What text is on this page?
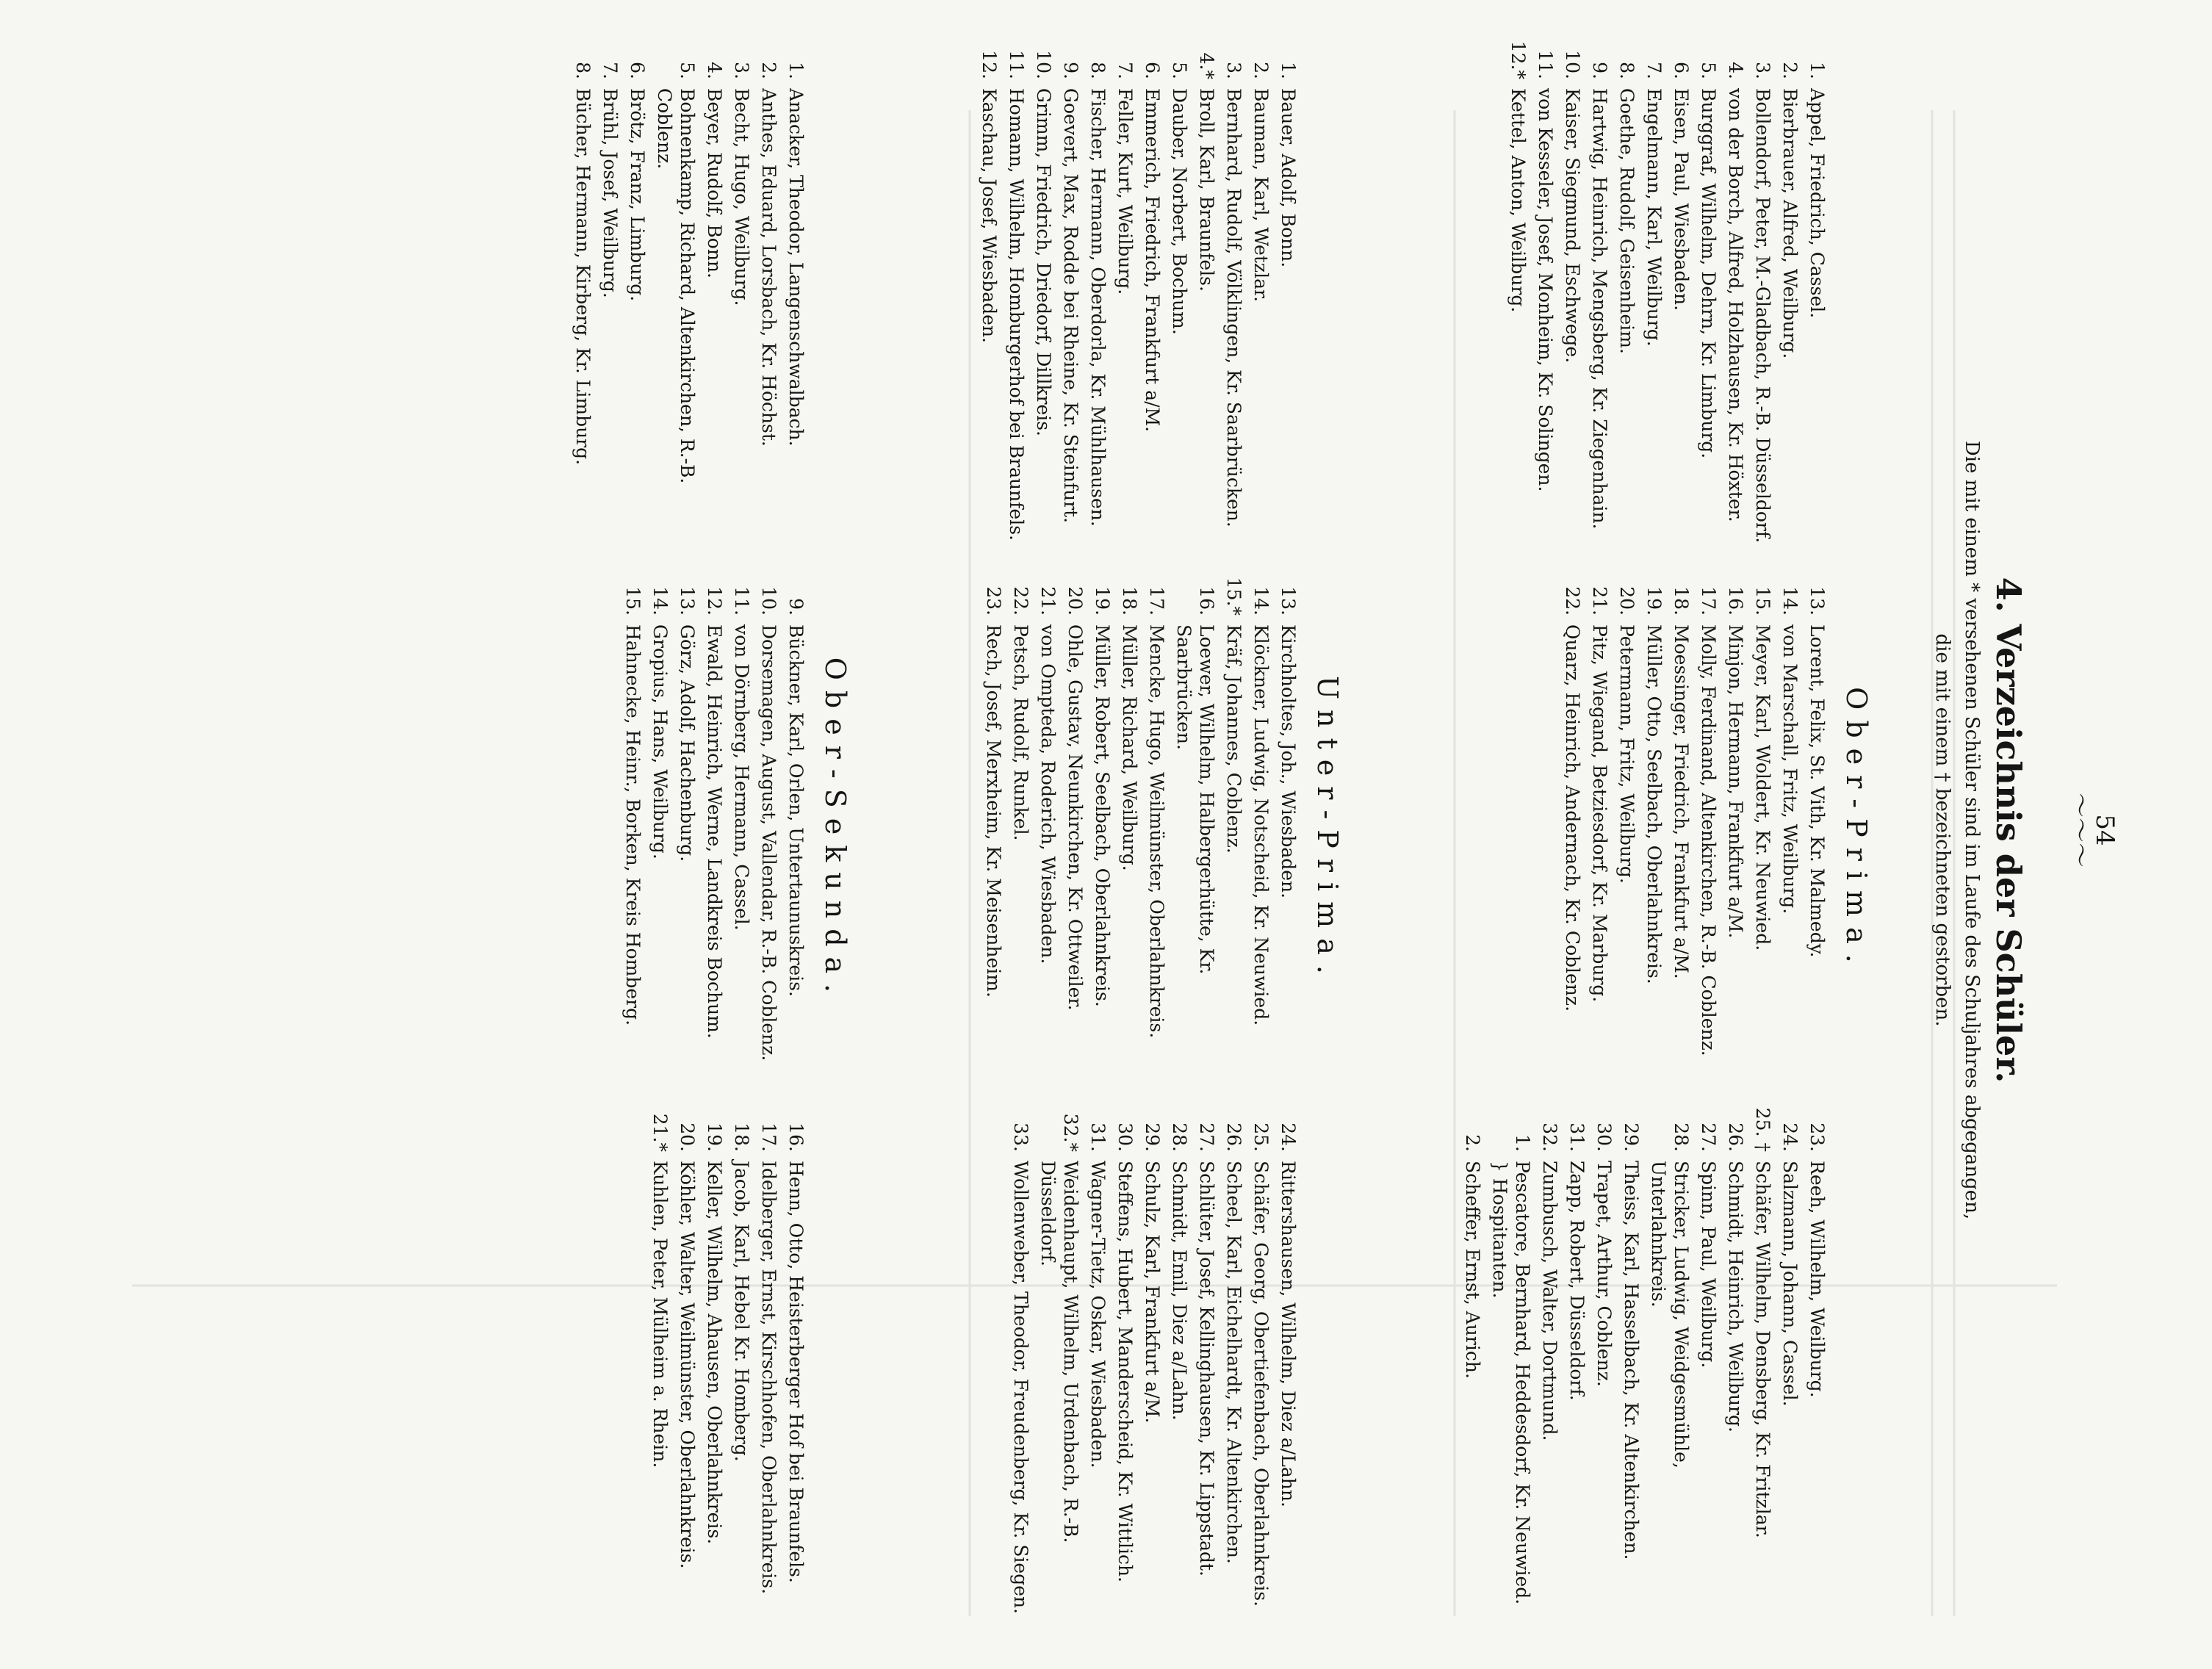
54
〜〜〜
4. Verzeichnis der Schüler.
Die mit einem * versehenen Schüler sind im Laufe des Schuljahres abgegangen,
die mit einem † bezeichneten gestorben.
Ober-Prima.
1.
Appel, Friedrich, Cassel.
2.
Bierbrauer, Alfred, Weilburg.
3.
Bollendorf, Peter, M.-Gladbach, R.-B. Düsseldorf.
4.
von der Borch, Alfred, Holzhausen, Kr. Höxter.
5.
Burggraf, Wilhelm, Dehrn, Kr. Limburg.
6.
Eisen, Paul, Wiesbaden.
7.
Engelmann, Karl, Weilburg.
8.
Goethe, Rudolf, Geisenheim.
9.
Hartwig, Heinrich, Mengsberg, Kr. Ziegenhain.
10.
Kaiser, Siegmund, Eschwege.
11.
von Kesseler, Josef, Monheim, Kr. Solingen.
12.*
Kettel, Anton, Weilburg.
13.
Lorent, Felix, St. Vith, Kr. Malmedy.
14.
von Marschall, Fritz, Weilburg.
15.
Meyer, Karl, Woldert, Kr. Neuwied.
16.
Minjon, Hermann, Frankfurt a/M.
17.
Molly, Ferdinand, Altenkirchen, R.-B. Coblenz.
18.
Moessinger, Friedrich, Frankfurt a/M.
19.
Müller, Otto, Seelbach, Oberlahnkreis.
20.
Petermann, Fritz, Weilburg.
21.
Pitz, Wiegand, Betziesdorf, Kr. Marburg.
22.
Quarz, Heinrich, Andernach, Kr. Coblenz.
23.
Reeh, Wilhelm, Weilburg.
24.
Salzmann, Johann, Cassel.
25. †
Schäfer, Wilhelm, Densberg, Kr. Fritzlar.
26.
Schmidt, Heinrich, Weilburg.
27.
Spinn, Paul, Weilburg.
28.
Stricker, Ludwig, Weidgesmühle, Unterlahnkreis.
29.
Theiss, Karl, Hasselbach, Kr. Altenkirchen.
30.
Trapet, Arthur, Coblenz.
31.
Zapp, Robert, Düsseldorf.
32.
Zumbusch, Walter, Dortmund.
1.
Pescatore, Bernhard, Heddesdorf, Kr. Neuwied. } Hospitanten.
2.
Scheffer, Ernst, Aurich.
Unter-Prima.
1.
Bauer, Adolf, Bonn.
2.
Bauman, Karl, Wetzlar.
3.
Bernhard, Rudolf, Völklingen, Kr. Saarbrücken.
4.*
Broll, Karl, Braunfels.
5.
Dauber, Norbert, Bochum.
6.
Emmerich, Friedrich, Frankfurt a/M.
7.
Feller, Kurt, Weilburg.
8.
Fischer, Hermann, Oberdorla, Kr. Mühlhausen.
9.
Goevert, Max, Rodde bei Rheine, Kr. Steinfurt.
10.
Grimm, Friedrich, Driedorf, Dillkreis.
11.
Homann, Wilhelm, Homburgerhof bei Braunfels.
12.
Kaschau, Josef, Wiesbaden.
13.
Kirchholtes, Joh., Wiesbaden.
14.
Klöckner, Ludwig, Notscheid, Kr. Neuwied.
15.*
Kräf, Johannes, Coblenz.
16.
Loewer, Wilhelm, Halbergerhütte, Kr. Saarbrücken.
17.
Mencke, Hugo, Weilmünster, Oberlahnkreis.
18.
Müller, Richard, Weilburg.
19.
Müller, Robert, Seelbach, Oberlahnkreis.
20.
Ohle, Gustav, Neunkirchen, Kr. Ottweiler.
21.
von Ompteda, Roderich, Wiesbaden.
22.
Petsch, Rudolf, Runkel.
23.
Rech, Josef, Merxheim, Kr. Meisenheim.
24.
Rittershausen, Wilhelm, Diez a/Lahn.
25.
Schäfer, Georg, Obertiefenbach, Oberlahnkreis.
26.
Scheel, Karl, Eichelhardt, Kr. Altenkirchen.
27.
Schlüter, Josef, Kellinghausen, Kr. Lippstadt.
28.
Schmidt, Emil, Diez a/Lahn.
29.
Schulz, Karl, Frankfurt a/M.
30.
Steffens, Hubert, Manderscheid, Kr. Wittlich.
31.
Wagner-Tietz, Oskar, Wiesbaden.
32.*
Weidenhaupt, Wilhelm, Urdenbach, R.-B. Düsseldorf.
33.
Wollenweber, Theodor, Freudenberg, Kr. Siegen.
Ober-Sekunda.
1.
Anacker, Theodor, Langenschwalbach.
2.
Anthes, Eduard, Lorsbach, Kr. Höchst.
3.
Becht, Hugo, Weilburg.
4.
Beyer, Rudolf, Bonn.
5.
Bohnenkamp, Richard, Altenkirchen, R.-B. Coblenz.
6.
Brötz, Franz, Limburg.
7.
Brühl, Josef, Weilburg.
8.
Bücher, Hermann, Kirberg, Kr. Limburg.
9.
Bückner, Karl, Orlen, Untertaunuskreis.
10.
Dorsemagen, August, Vallendar, R.-B. Coblenz.
11.
von Dörnberg, Hermann, Cassel.
12.
Ewald, Heinrich, Werne, Landkreis Bochum.
13.
Görz, Adolf, Hachenburg.
14.
Gropius, Hans, Weilburg.
15.
Hahnecke, Heinr., Borken, Kreis Homberg.
16.
Henn, Otto, Heisterberger Hof bei Braunfels.
17.
Idelberger, Ernst, Kirschhofen, Oberlahnkreis.
18.
Jacob, Karl, Hebel Kr. Homberg.
19.
Keller, Wilhelm, Ahausen, Oberlahnkreis.
20.
Köhler, Walter, Weilmünster, Oberlahnkreis.
21.*
Kuhlen, Peter, Mülheim a. Rhein.
